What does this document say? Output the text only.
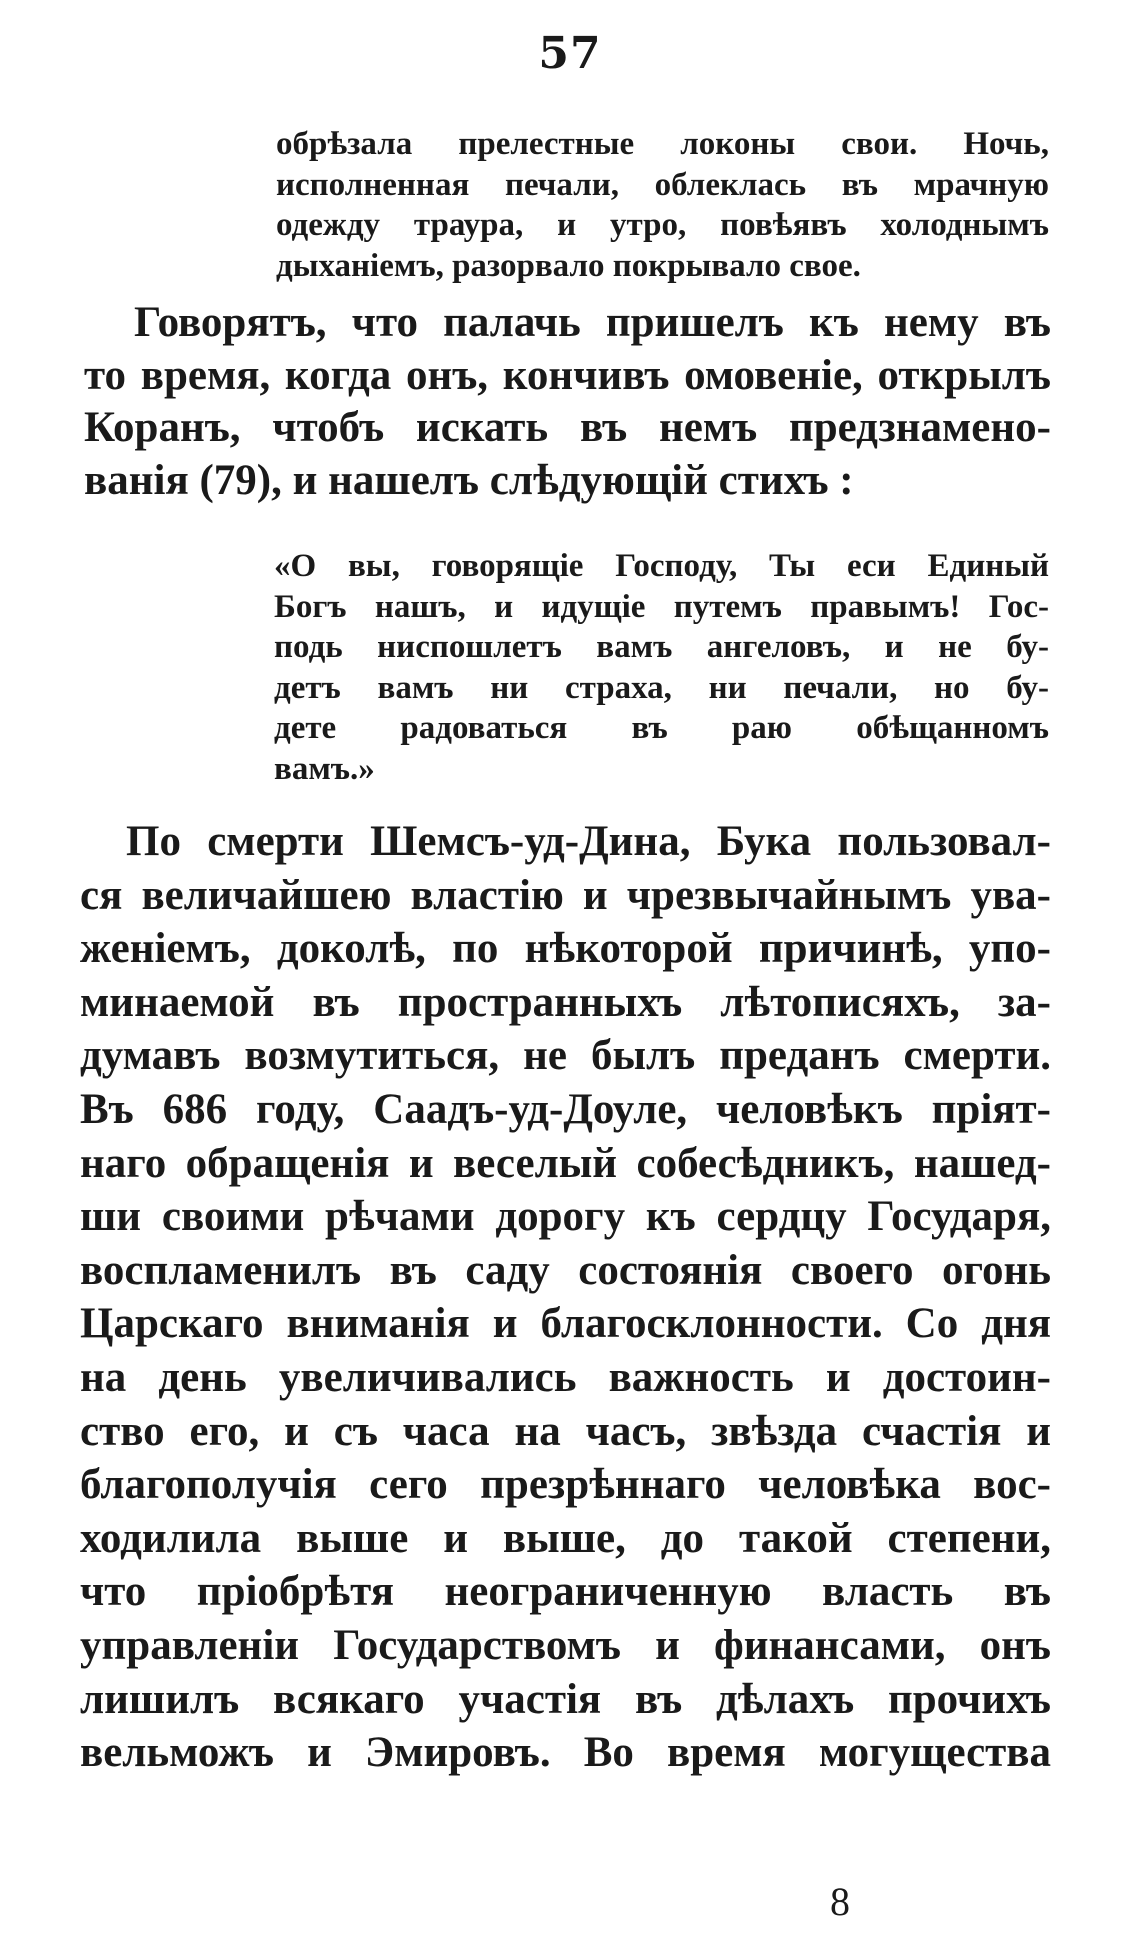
57
обрѣзала прелестные локоны свои. Ночь,
исполненная печали, облеклась въ мрачную
одежду траура, и утро, повѣявъ холоднымъ
дыханіемъ, разорвало покрывало свое.
Говорятъ, что палачь пришелъ къ нему въ
то время, когда онъ, кончивъ омовеніе, открылъ
Коранъ, чтобъ искать въ немъ предзнамено-
ванія (79), и нашелъ слѣдующій стихъ :
«О вы, говорящіе Господу, Ты еси Единый
Богъ нашъ, и идущіе путемъ правымъ! Гос-
подь ниспошлетъ вамъ ангеловъ, и не бу-
детъ вамъ ни страха, ни печали, но бу-
дете радоваться въ раю обѣщанномъ
вамъ.»
По смерти Шемсъ-уд-Дина, Бука пользовал-
ся величайшею властію и чрезвычайнымъ ува-
женіемъ, доколѣ, по нѣкоторой причинѣ, упо-
минаемой въ пространныхъ лѣтописяхъ, за-
думавъ возмутиться, не былъ преданъ смерти.
Въ 686 году, Саадъ-уд-Доуле, человѣкъ пріят-
наго обращенія и веселый собесѣдникъ, нашед-
ши своими рѣчами дорогу къ сердцу Государя,
воспламенилъ въ саду состоянія своего огонь
Царскаго вниманія и благосклонности. Со дня
на день увеличивались важность и достоин-
ство его, и съ часа на часъ, звѣзда счастія и
благополучія сего презрѣннаго человѣка вос-
ходилила выше и выше, до такой степени,
что пріобрѣтя неограниченную власть въ
управленіи Государствомъ и финансами, онъ
лишилъ всякаго участія въ дѣлахъ прочихъ
вельможъ и Эмировъ. Во время могущества
8
